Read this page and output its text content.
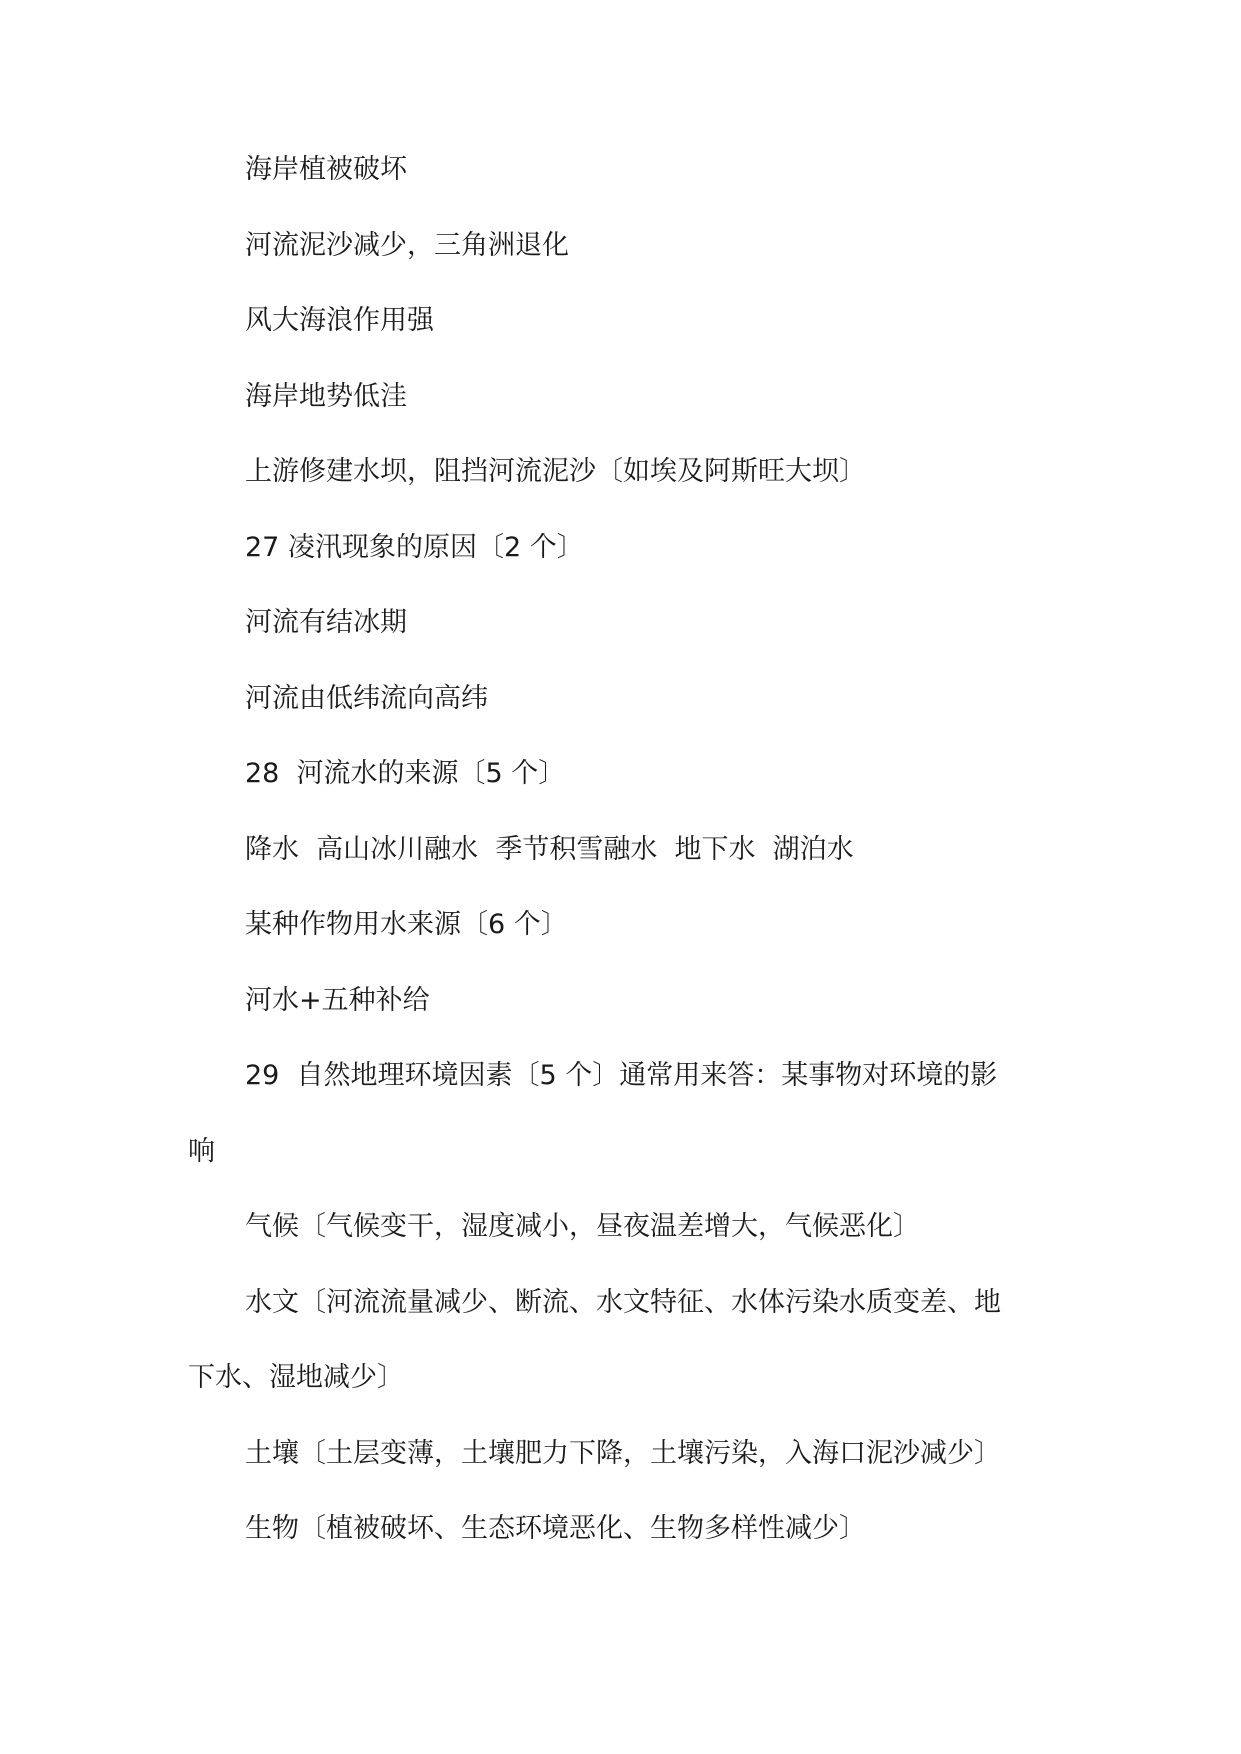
海岸植被破坏
河流泥沙减少，三角洲退化
风大海浪作用强
海岸地势低洼
上游修建水坝，阻挡河流泥沙〔如埃及阿斯旺大坝〕
27 凌汛现象的原因〔2 个〕
河流有结冰期
河流由低纬流向高纬
28  河流水的来源〔5 个〕
降水  高山冰川融水  季节积雪融水  地下水  湖泊水
某种作物用水来源〔6 个〕
河水+五种补给
29  自然地理环境因素〔5 个〕通常用来答：某事物对环境的影
响
气候〔气候变干，湿度减小，昼夜温差增大，气候恶化〕
水文〔河流流量减少、断流、水文特征、水体污染水质变差、地
下水、湿地减少〕
土壤〔土层变薄，土壤肥力下降，土壤污染，入海口泥沙减少〕
生物〔植被破坏、生态环境恶化、生物多样性减少〕
